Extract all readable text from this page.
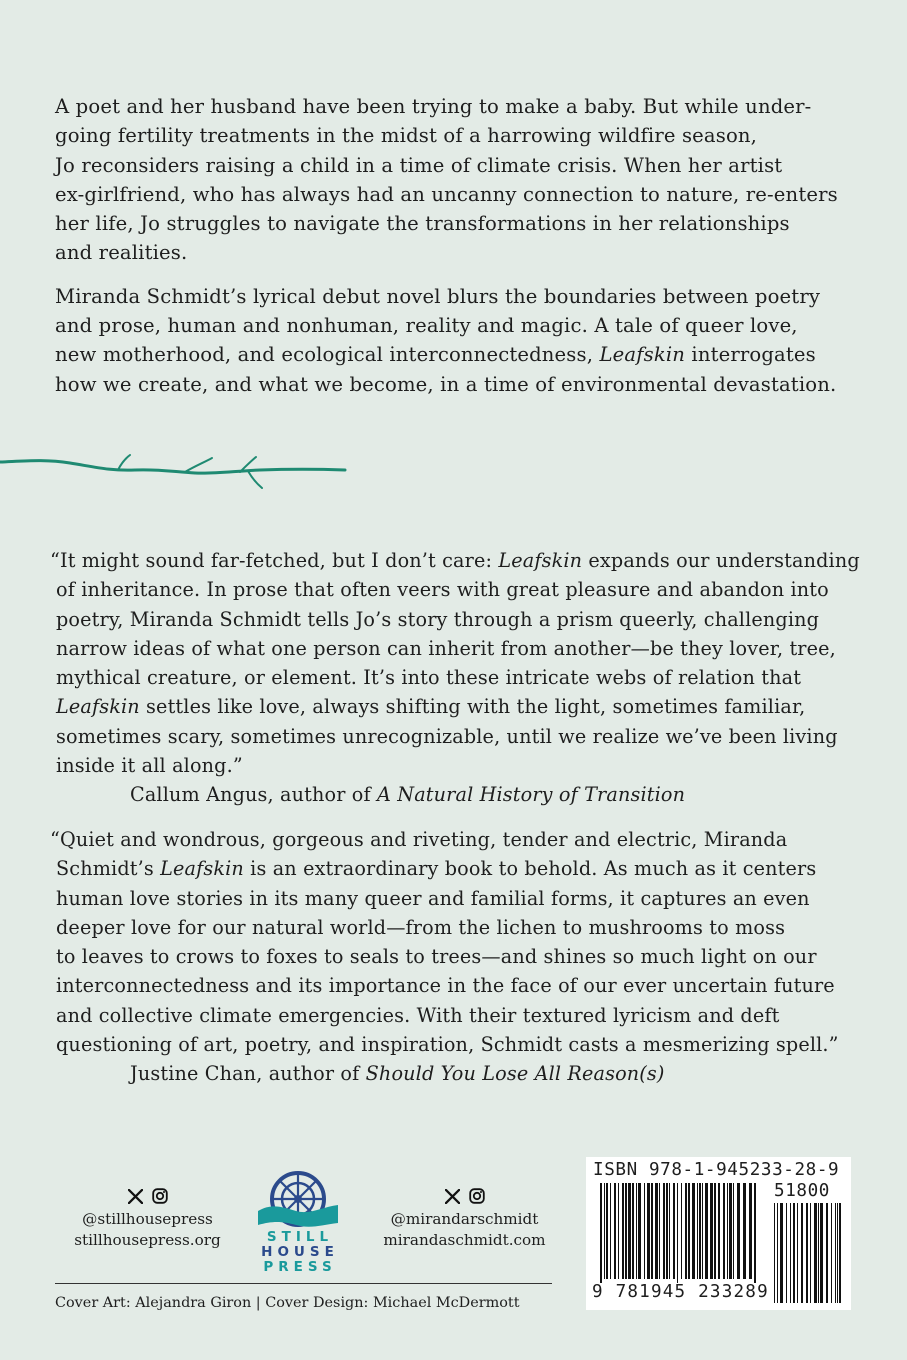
A poet and her husband have been trying to make a baby. But while under-
going fertility treatments in the midst of a harrowing wildfire season,
Jo reconsiders raising a child in a time of climate crisis. When her artist
ex-girlfriend, who has always had an uncanny connection to nature, re-enters
her life, Jo struggles to navigate the transformations in her relationships
and realities.

Miranda Schmidt’s lyrical debut novel blurs the boundaries between poetry
and prose, human and nonhuman, reality and magic. A tale of queer love,
new motherhood, and ecological interconnectedness, Leafskin interrogates
how we create, and what we become, in a time of environmental devastation.

“It might sound far-fetched, but I don’t care: Leafskin expands our understanding
of inheritance. In prose that often veers with great pleasure and abandon into
poetry, Miranda Schmidt tells Jo’s story through a prism queerly, challenging
narrow ideas of what one person can inherit from another—be they lover, tree,
mythical creature, or element. It’s into these intricate webs of relation that
Leafskin settles like love, always shifting with the light, sometimes familiar,
sometimes scary, sometimes unrecognizable, until we realize we’ve been living
inside it all along.”
Callum Angus, author of A Natural History of Transition
“Quiet and wondrous, gorgeous and riveting, tender and electric, Miranda
Schmidt’s Leafskin is an extraordinary book to behold. As much as it centers
human love stories in its many queer and familial forms, it captures an even
deeper love for our natural world—from the lichen to mushrooms to moss
to leaves to crows to foxes to seals to trees—and shines so much light on our
interconnectedness and its importance in the face of our ever uncertain future
and collective climate emergencies. With their textured lyricism and deft
questioning of art, poetry, and inspiration, Schmidt casts a mesmerizing spell.”
Justine Chan, author of Should You Lose All Reason(s)
@stillhousepress
stillhousepress.org	STILL
HOUSE
PRESS
@mirandarschmidt
mirandaschmidt.com
Cover Art: Alejandra Giron | Cover Design: Michael McDermott
ISBN 978-1-945233-28-9
51800
9 781945 233289
